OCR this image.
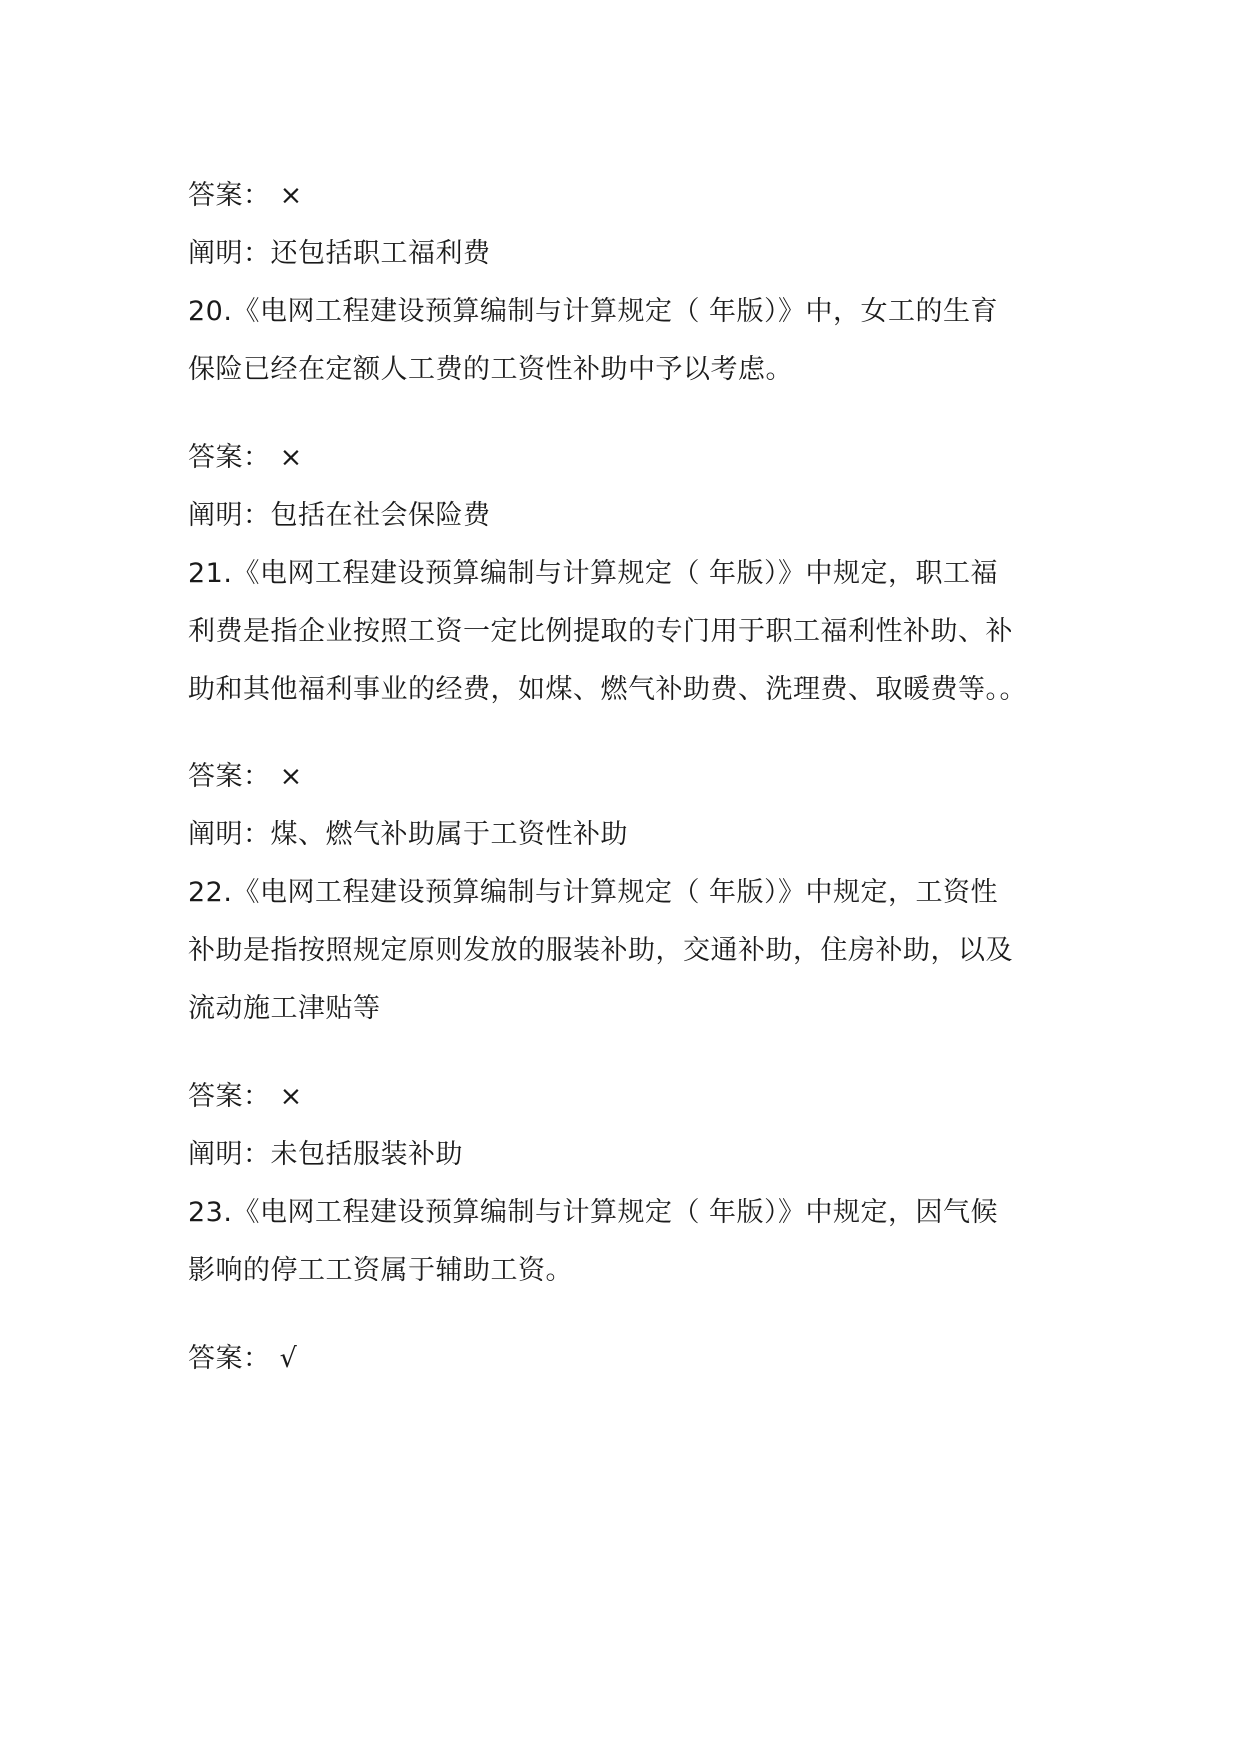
答案： ×
阐明：还包括职工福利费
20.《电网工程建设预算编制与计算规定（ 年版）》中，女工的生育
保险已经在定额人工费的工资性补助中予以考虑。
答案： ×
阐明：包括在社会保险费
21.《电网工程建设预算编制与计算规定（ 年版）》中规定，职工福
利费是指企业按照工资一定比例提取的专门用于职工福利性补助、补
助和其他福利事业的经费，如煤、燃气补助费、洗理费、取暖费等。。
答案： ×
阐明：煤、燃气补助属于工资性补助
22.《电网工程建设预算编制与计算规定（ 年版）》中规定，工资性
补助是指按照规定原则发放的服装补助，交通补助，住房补助，以及
流动施工津贴等
答案： ×
阐明：未包括服装补助
23.《电网工程建设预算编制与计算规定（ 年版）》中规定，因气候
影响的停工工资属于辅助工资。
答案： √
